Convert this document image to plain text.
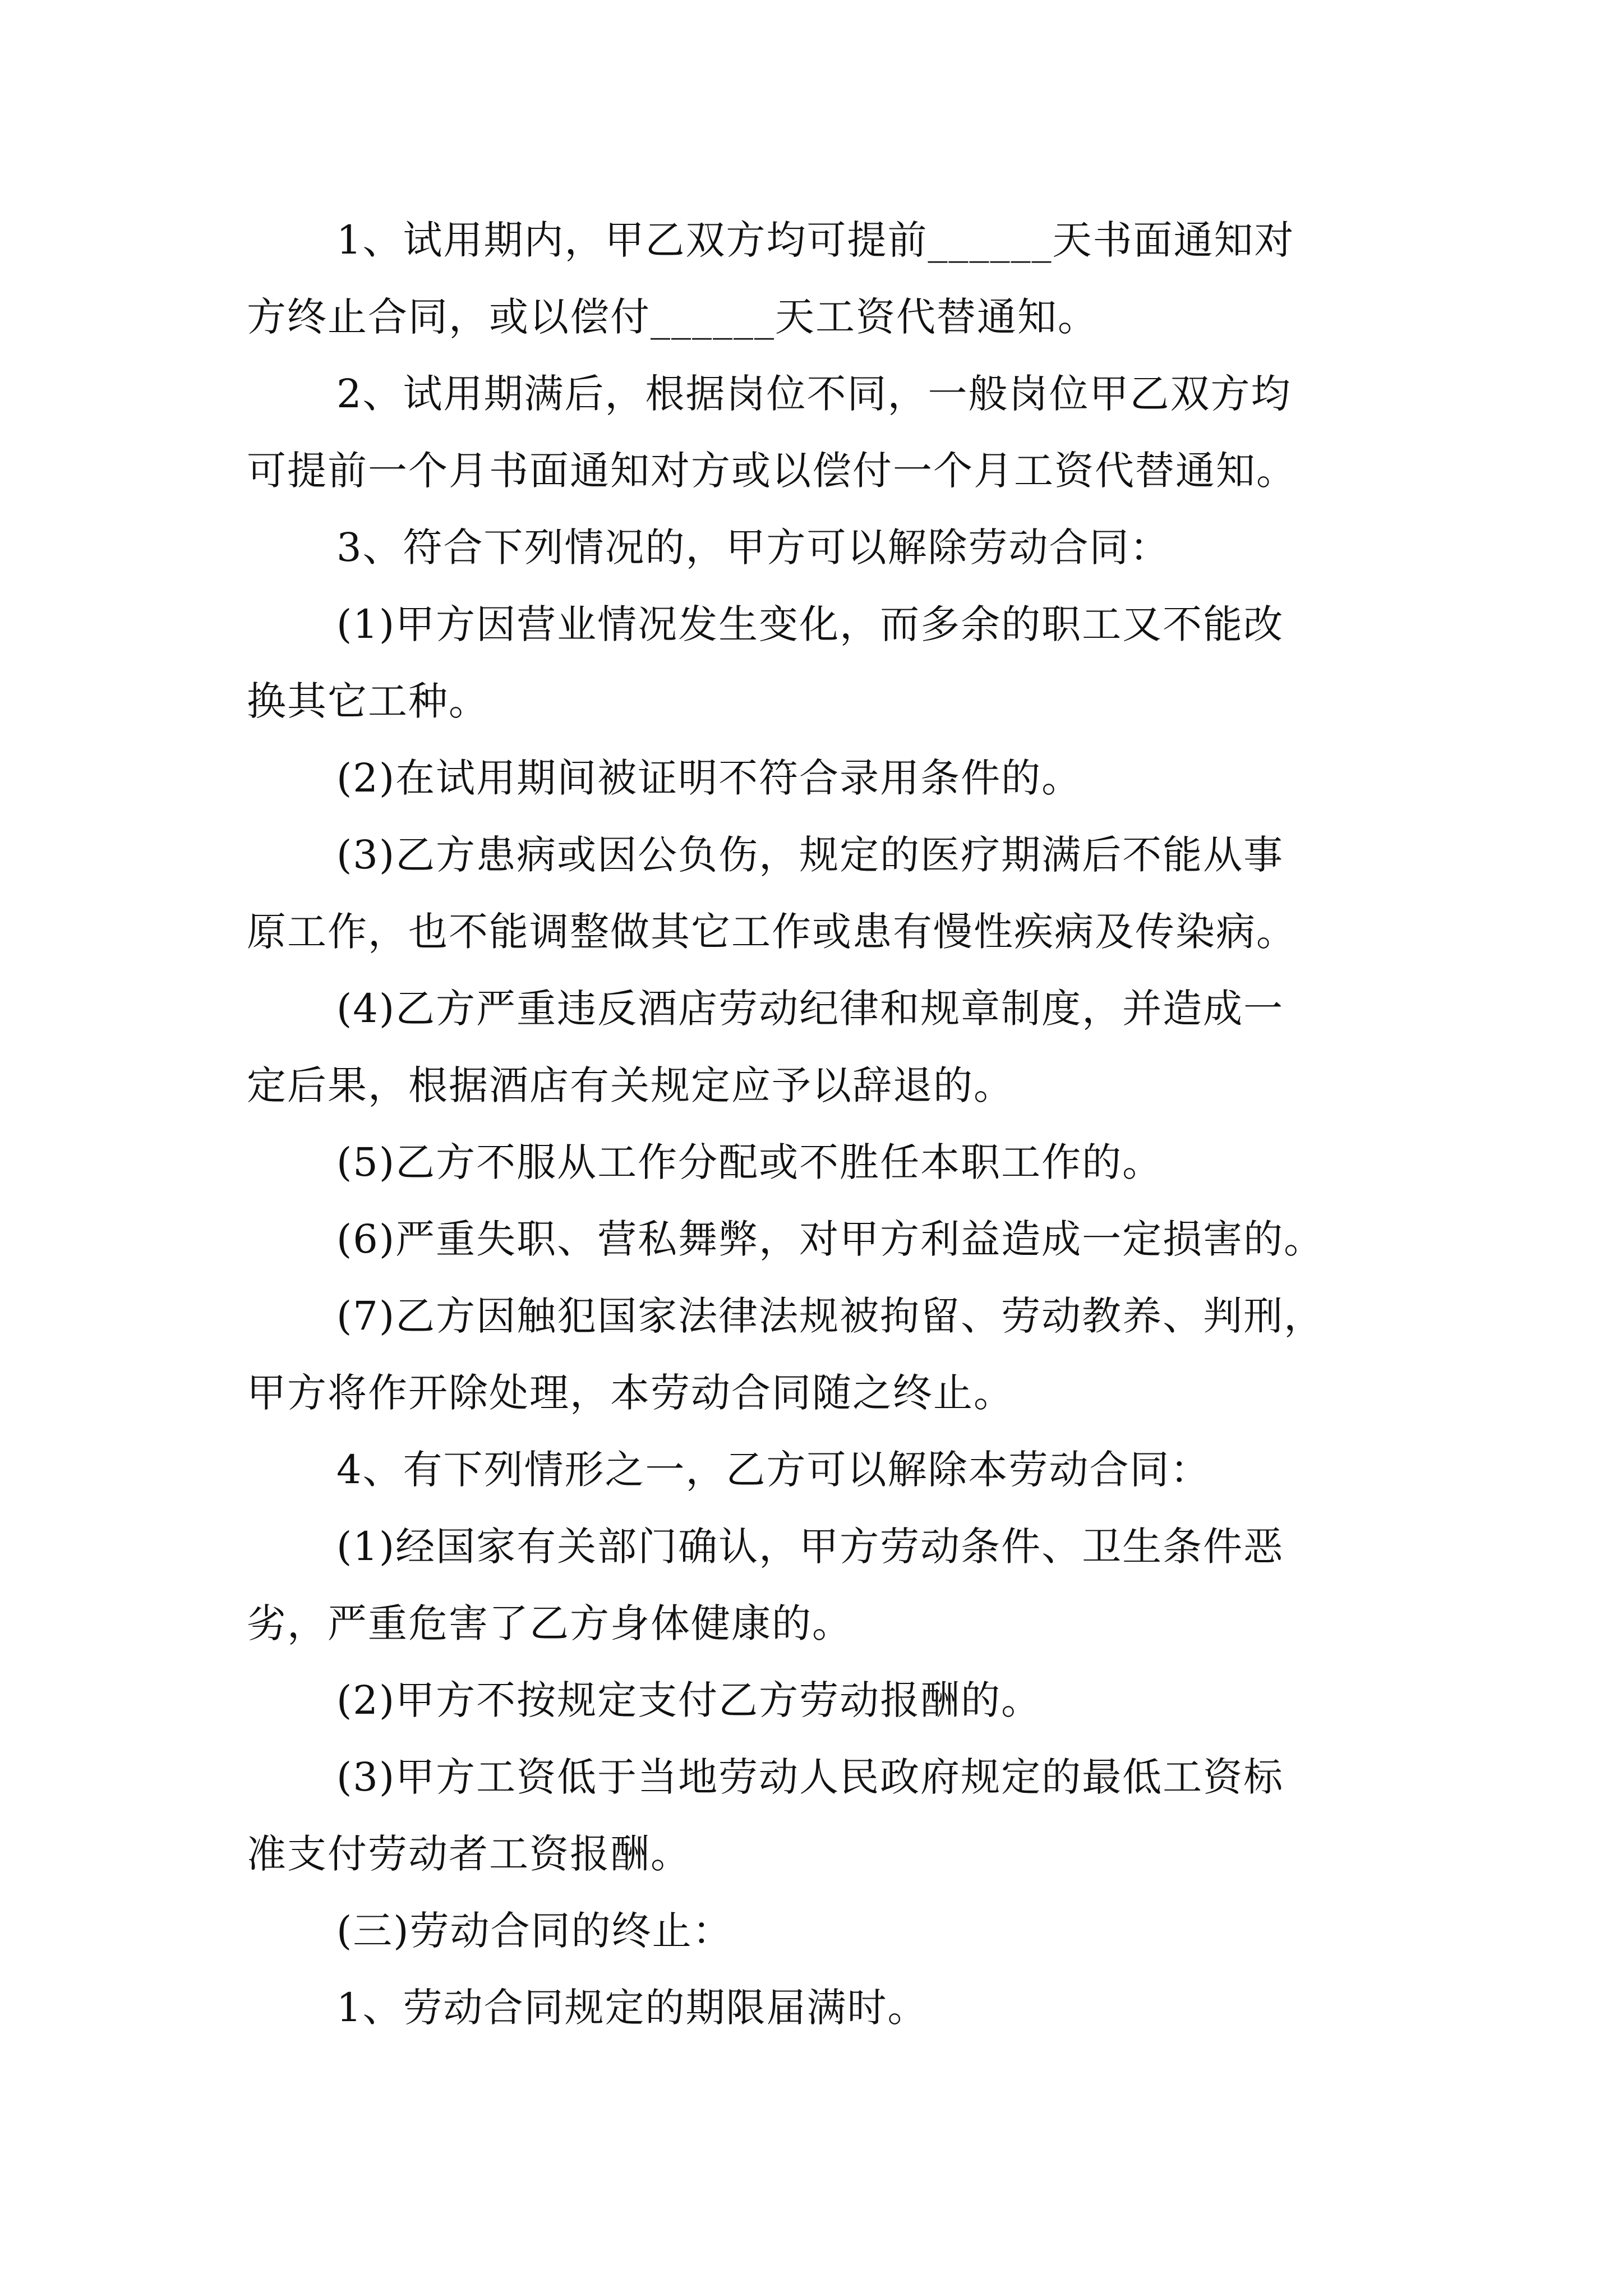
1、试用期内，甲乙双方均可提前______天书面通知对

方终止合同，或以偿付______天工资代替通知。

2、试用期满后，根据岗位不同，一般岗位甲乙双方均

可提前一个月书面通知对方或以偿付一个月工资代替通知。

3、符合下列情况的，甲方可以解除劳动合同：

(1)甲方因营业情况发生变化，而多余的职工又不能改

换其它工种。

(2)在试用期间被证明不符合录用条件的。

(3)乙方患病或因公负伤，规定的医疗期满后不能从事

原工作，也不能调整做其它工作或患有慢性疾病及传染病。

(4)乙方严重违反酒店劳动纪律和规章制度，并造成一

定后果，根据酒店有关规定应予以辞退的。

(5)乙方不服从工作分配或不胜任本职工作的。

(6)严重失职、营私舞弊，对甲方利益造成一定损害的。

(7)乙方因触犯国家法律法规被拘留、劳动教养、判刑，

甲方将作开除处理，本劳动合同随之终止。

4、有下列情形之一，乙方可以解除本劳动合同：

(1)经国家有关部门确认，甲方劳动条件、卫生条件恶

劣，严重危害了乙方身体健康的。

(2)甲方不按规定支付乙方劳动报酬的。

(3)甲方工资低于当地劳动人民政府规定的最低工资标

准支付劳动者工资报酬。

(三)劳动合同的终止：

1、劳动合同规定的期限届满时。
